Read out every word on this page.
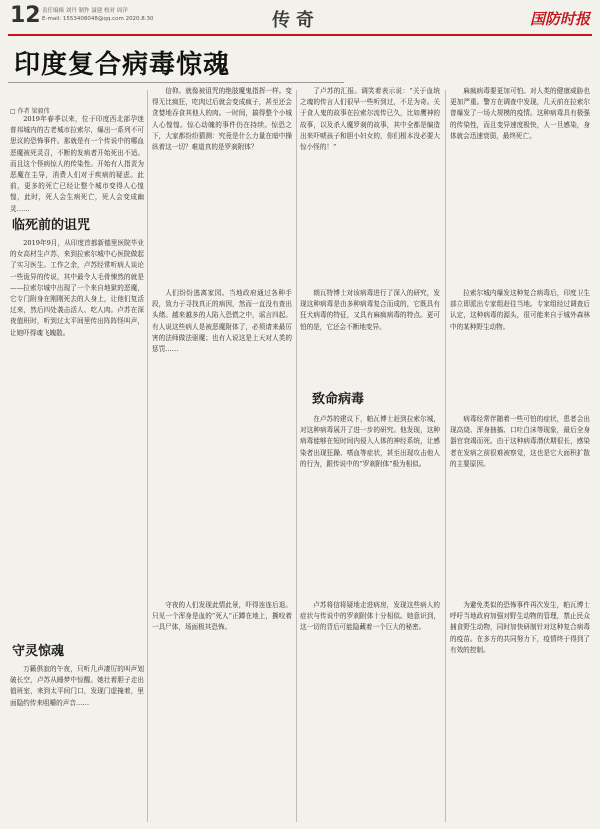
12 责任编辑 刘丹 制作 聂建 校对 周洋
E-mail: 1553408048@qq.com 2020.8.30	传奇	国防时报
印度复合病毒惊魂
□ 作者 梁毅伟

2019年春季以来，位于印度西北部孕迷普邦城内的古老城市拉索尔，爆出一系列不可思议的恐怖事件。那就是有一个传说中的哪血恶魔被死灵召，不断的发病者开始死出不适。而且这个怪病惊人的传染性。开始有人指责为恶魔在主导，消费人们对于疾病的疑虑。此前，更多的死亡已经让整个城市变得人心惶惶，此时，死人会生病死亡，死人会变成幽灵……

信仰。就像被诅咒的绝肢魔鬼指挥一样。变得无比疯狂，吃肉过后就会变成疯子，甚至还会贪婪地吞食其他人的肉。一时间，搞得整个小城人心惶惶。惊心动魄的事件仍在持续。惊恐之下，大家都纷纷猜测：究竟是什么力量在暗中操纵着这一切？难道真的是罗刹附体？

了卢苏的汇报。调笑着表示说：“关于血统之魂的传言人们很早一些听到过，不足为奇。关于食人鬼的故事在拉索尔流传已久，比如鹰神的故事，以及杀人魔罗刹的故事，其中全都是编造出来吓唬孩子和胆小妇女的，你们根本没必要大惊小怪的！”

麻疯病毒要更加可怕。对人类的健康威胁也更加严重。警方在调查中发现，几天前在拉索尔曾爆发了一场大规模的疫情。这种病毒具有极强的传染性，而且变异速度极快，人一旦感染，身体就会迅速衰弱，最终死亡。

临死前的诅咒

2019年9月，从印度首都新德里医院毕业的女高材生卢苏，来到拉索尔城中心医院做起了实习医生。工作之余，卢苏经常听病人谈论一些诡异的传说，其中最令人毛骨悚然的就是——拉索尔城中出现了一个来自地狱的恶魔，它专门附身在刚刚死去的人身上，让他们复活过来，然后四处袭击活人、吃人肉。卢苏在深夜值班时，听到过太平间里传出阵阵怪叫声，让她吓得魂飞魄散。

人们纷纷逃离家园。当地政府通过各种手段，致力于寻找真正的病因，然而一直没有查出头绪。越来越多的人陷入恐慌之中，谣言四起。有人说这些病人是被恶魔附体了，必须请来最厉害的法师做法驱魔；也有人说这是上天对人类的惩罚……

朗瓦特博士对该病毒进行了深入的研究，发现这种病毒是由多种病毒复合而成的，它既具有狂犬病毒的特征，又具有麻疯病毒的特点。更可怕的是，它还会不断地变异。

拉索尔城内爆发这种复合病毒后，印度卫生部立即派出专家组赶往当地。专家组经过调查后认定，这种病毒的源头，很可能来自于城外森林中的某种野生动物。

致命病毒

在卢苏的建议下，帕瓦博士赶到拉索尔城，对这种病毒展开了进一步的研究。他发现，这种病毒能够在短时间内侵入人体的神经系统，让感染者出现狂躁、嗜血等症状，甚至出现攻击他人的行为，跟传说中的“罗刹附体”极为相似。

病毒经常伴随着一些可怕的症状，患者会出现高烧、浑身抽搐、口吐白沫等现象，最后全身器官衰竭而死。由于这种病毒潜伏期很长，感染者在发病之前很难被察觉，这也是它大面积扩散的主要原因。

守灵惊魂

万籁俱寂的午夜，只听几声凄厉的叫声划破长空，卢苏从睡梦中惊醒。她壮着胆子走出值班室，来到太平间门口，发现门虚掩着，里面隐约传来咀嚼的声音……

守夜的人们发现此情此景，吓得连连后退。只见一个浑身是血的“死人”正蹲在地上，撕咬着一具尸体，场面极其恐怖。

卢苏将信将疑地走进病房，发现这些病人的症状与传说中的罗刹附体十分相似。她意识到，这一切的背后可能隐藏着一个巨大的秘密。

为避免类似的恐怖事件再次发生，帕瓦博士呼吁当地政府加强对野生动物的管理，禁止民众捕食野生动物，同时加快研制针对这种复合病毒的疫苗。在多方的共同努力下，疫情终于得到了有效的控制。
